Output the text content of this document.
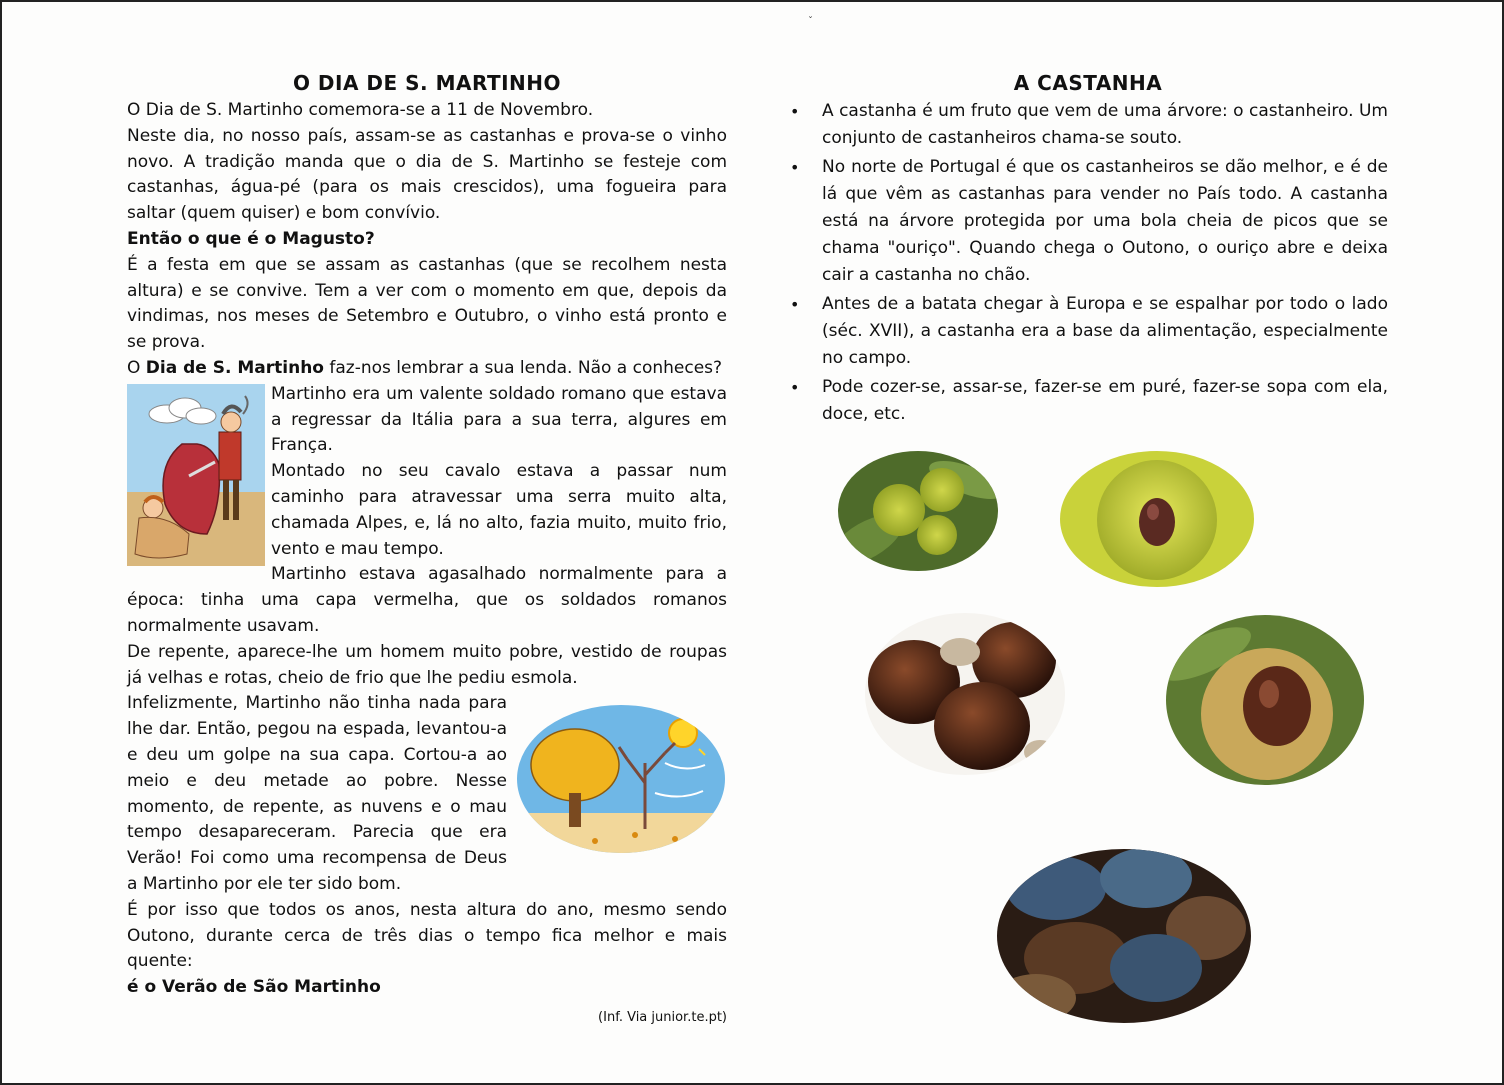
ˇ
O DIA DE S. MARTINHO

O Dia de S. Martinho comemora-se a 11 de Novembro.

Neste dia, no nosso país, assam-se as castanhas e prova-se o vinho novo. A tradição manda que o dia de S. Martinho se festeje com castanhas, água-pé (para os mais crescidos), uma fogueira para saltar (quem quiser) e bom convívio.

Então o que é o Magusto?

É a festa em que se assam as castanhas (que se recolhem nesta altura) e se convive. Tem a ver com o momento em que, depois da vindimas, nos meses de Setembro e Outubro, o vinho está pronto e se prova.

O Dia de S. Martinho faz-nos lembrar a sua lenda. Não a conheces?

Martinho era um valente soldado romano que estava a regressar da Itália para a sua terra, algures em França.

Montado no seu cavalo estava a passar num caminho para atravessar uma serra muito alta, chamada Alpes, e, lá no alto, fazia muito, muito frio, vento e mau tempo.

Martinho estava agasalhado normalmente para a época: tinha uma capa vermelha, que os soldados romanos normalmente usavam.

De repente, aparece-lhe um homem muito pobre, vestido de roupas já velhas e rotas, cheio de frio que lhe pediu esmola.

Infelizmente, Martinho não tinha nada para lhe dar. Então, pegou na espada, levantou-a e deu um golpe na sua capa. Cortou-a ao meio e deu metade ao pobre. Nesse momento, de repente, as nuvens e o mau tempo desapareceram. Parecia que era Verão! Foi como uma recompensa de Deus a Martinho por ele ter sido bom.

É por isso que todos os anos, nesta altura do ano, mesmo sendo Outono, durante cerca de três dias o tempo fica melhor e mais quente:

é o Verão de São Martinho

(Inf. Via junior.te.pt)
A CASTANHA
• A castanha é um fruto que vem de uma árvore: o castanheiro. Um conjunto de castanheiros chama-se souto.
• No norte de Portugal é que os castanheiros se dão melhor, e é de lá que vêm as castanhas para vender no País todo. A castanha está na árvore protegida por uma bola cheia de picos que se chama "ouriço". Quando chega o Outono, o ouriço abre e deixa cair a castanha no chão.
• Antes de a batata chegar à Europa e se espalhar por todo o lado (séc. XVII), a castanha era a base da alimentação, especialmente no campo.
• Pode cozer-se, assar-se, fazer-se em puré, fazer-se sopa com ela, doce, etc.
